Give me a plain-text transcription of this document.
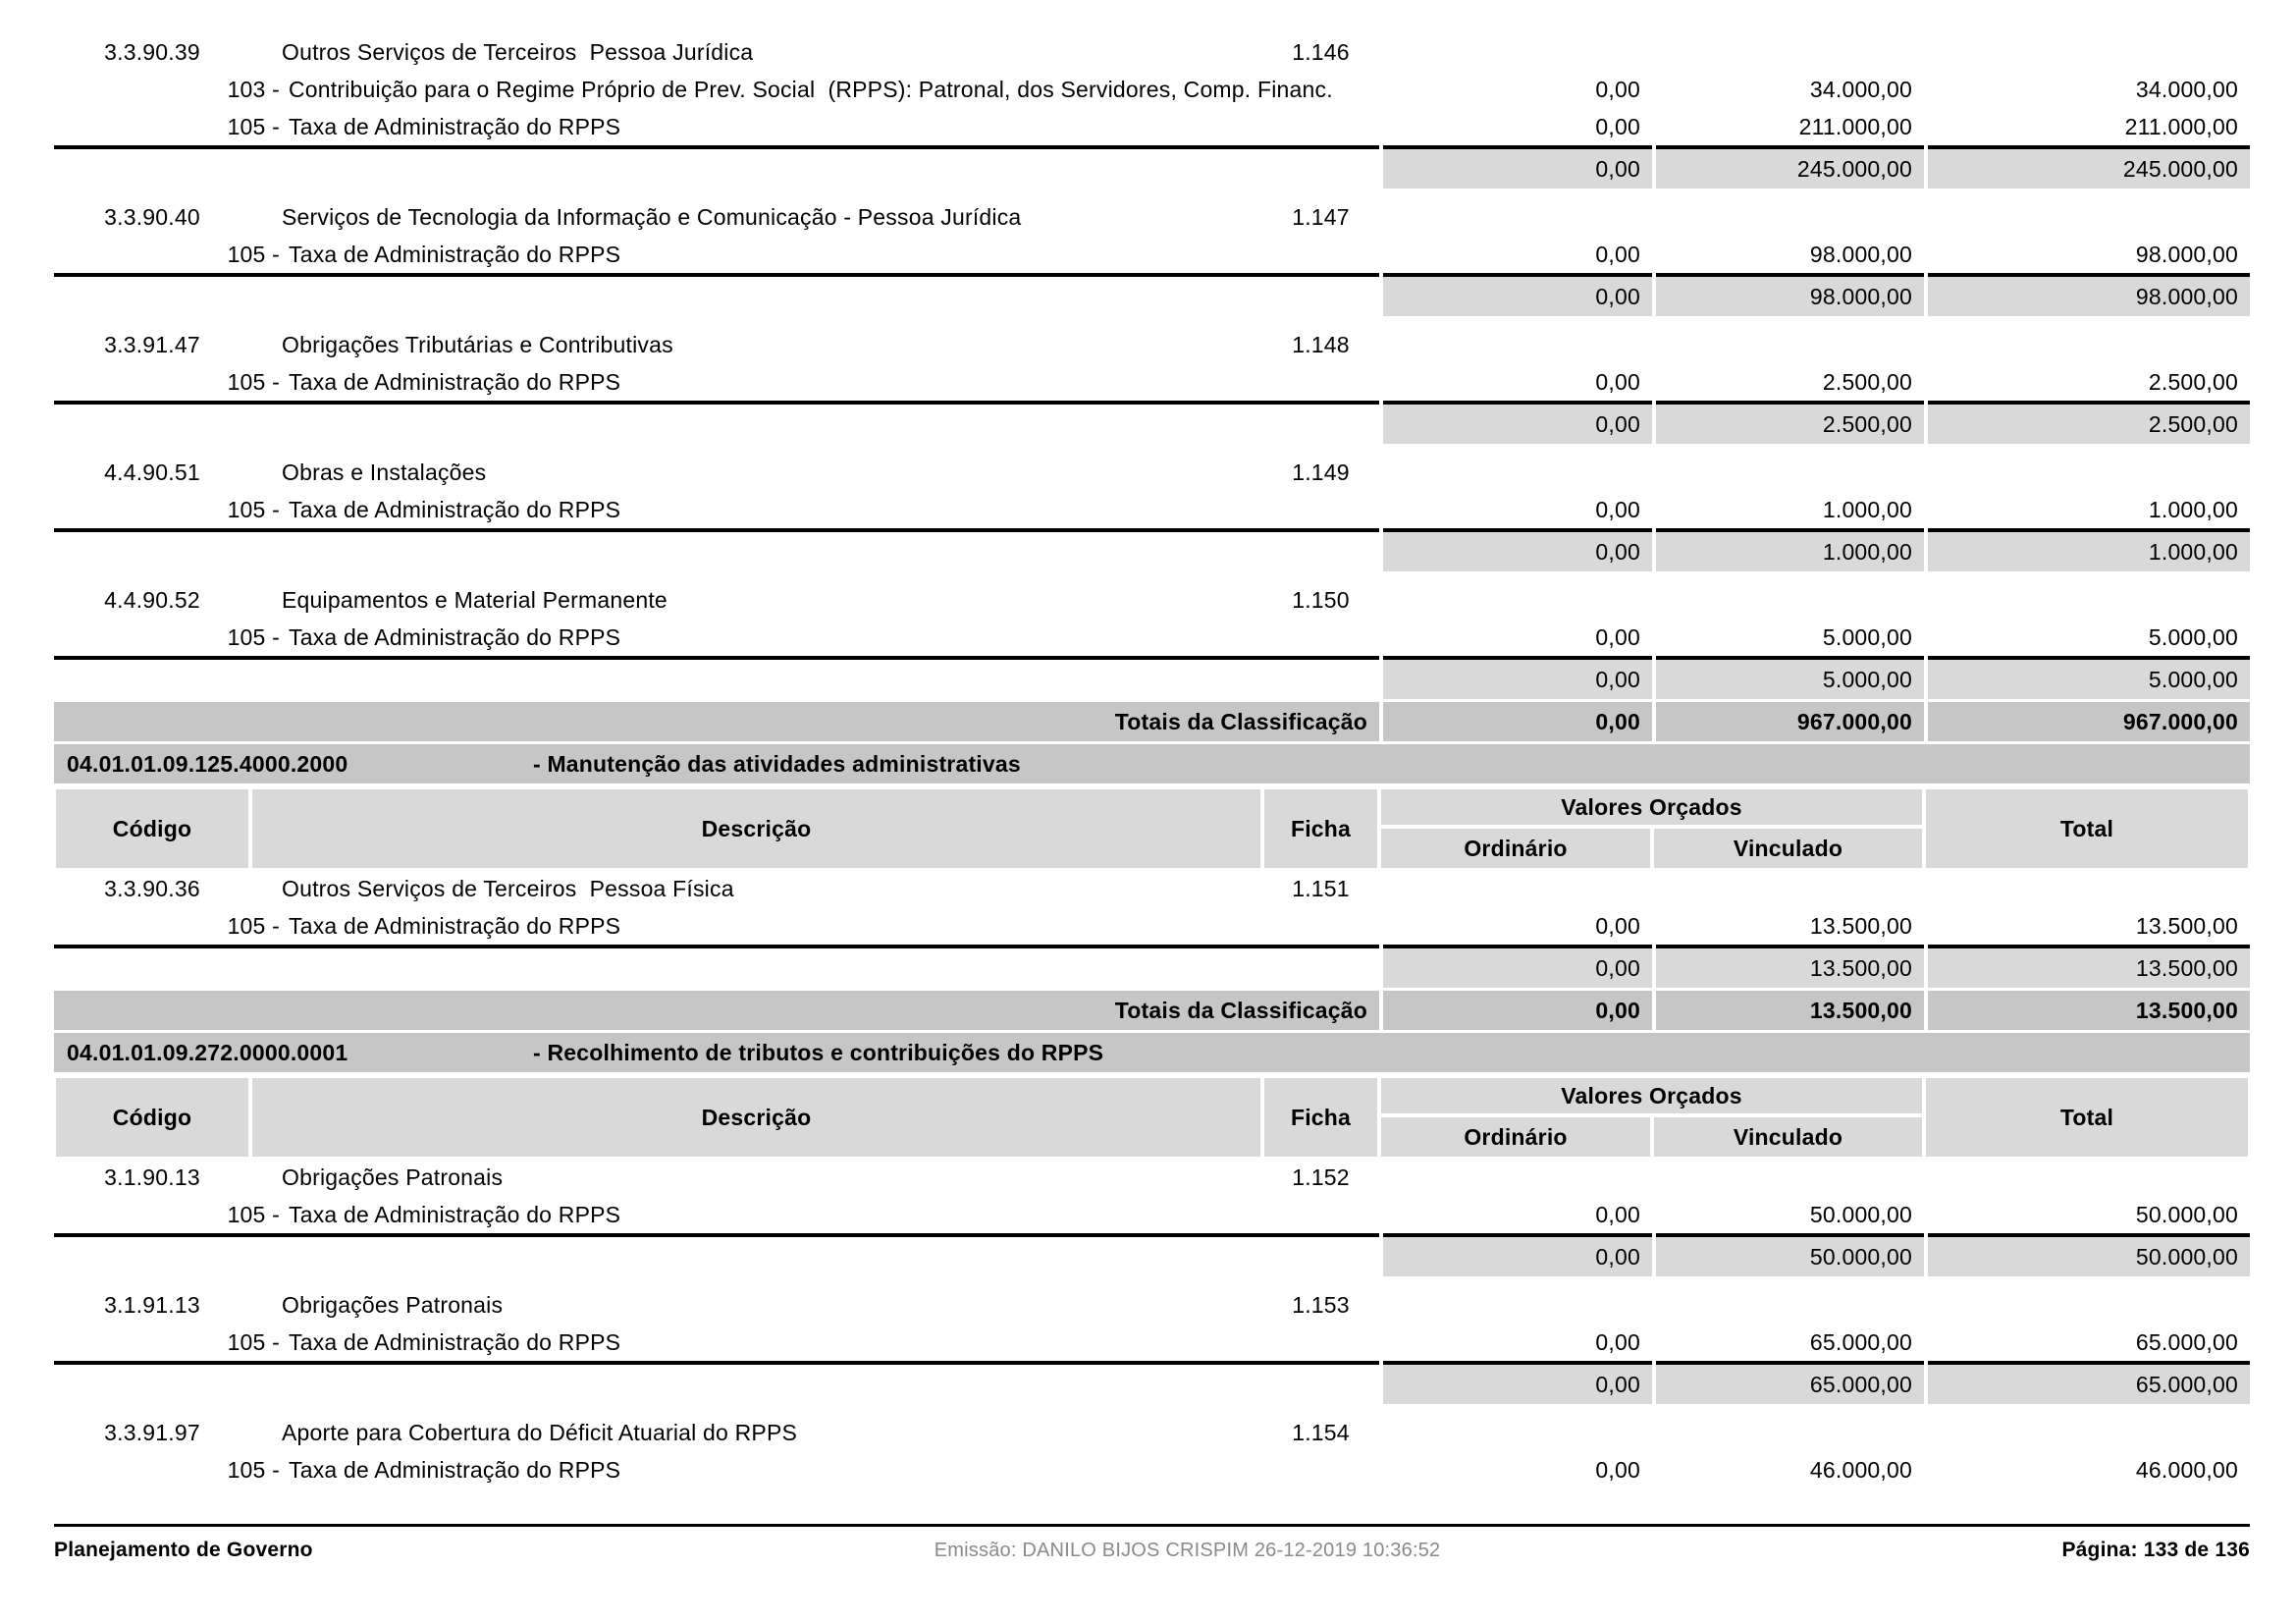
3.3.90.39	Outros Serviços de Terceiros  Pessoa Jurídica	1.146
103 - Contribuição para o Regime Próprio de Prev. Social  (RPPS): Patronal, dos Servidores, Comp. Financ.	0,00	34.000,00	34.000,00
105 - Taxa de Administração do RPPS	0,00	211.000,00	211.000,00
0,00	245.000,00	245.000,00
3.3.90.40	Serviços de Tecnologia da Informação e Comunicação - Pessoa Jurídica	1.147
105 - Taxa de Administração do RPPS	0,00	98.000,00	98.000,00
0,00	98.000,00	98.000,00
3.3.91.47	Obrigações Tributárias e Contributivas	1.148
105 - Taxa de Administração do RPPS	0,00	2.500,00	2.500,00
0,00	2.500,00	2.500,00
4.4.90.51	Obras e Instalações	1.149
105 - Taxa de Administração do RPPS	0,00	1.000,00	1.000,00
0,00	1.000,00	1.000,00
4.4.90.52	Equipamentos e Material Permanente	1.150
105 - Taxa de Administração do RPPS	0,00	5.000,00	5.000,00
0,00	5.000,00	5.000,00
Totais da Classificação	0,00	967.000,00	967.000,00
04.01.01.09.125.4000.2000	- Manutenção das atividades administrativas
Código	Descrição	Ficha
Valores Orçados
Ordinário	Vinculado
Total
3.3.90.36	Outros Serviços de Terceiros  Pessoa Física	1.151
105 - Taxa de Administração do RPPS	0,00	13.500,00	13.500,00
0,00	13.500,00	13.500,00
Totais da Classificação	0,00	13.500,00	13.500,00
04.01.01.09.272.0000.0001	- Recolhimento de tributos e contribuições do RPPS
Código	Descrição	Ficha
Valores Orçados
Ordinário	Vinculado
Total
3.1.90.13	Obrigações Patronais	1.152
105 - Taxa de Administração do RPPS	0,00	50.000,00	50.000,00
0,00	50.000,00	50.000,00
3.1.91.13	Obrigações Patronais	1.153
105 - Taxa de Administração do RPPS	0,00	65.000,00	65.000,00
0,00	65.000,00	65.000,00
3.3.91.97	Aporte para Cobertura do Déficit Atuarial do RPPS	1.154
105 - Taxa de Administração do RPPS	0,00	46.000,00	46.000,00
Planejamento de Governo	Emissão: DANILO BIJOS CRISPIM 26-12-2019 10:36:52	Página: 133 de 136
